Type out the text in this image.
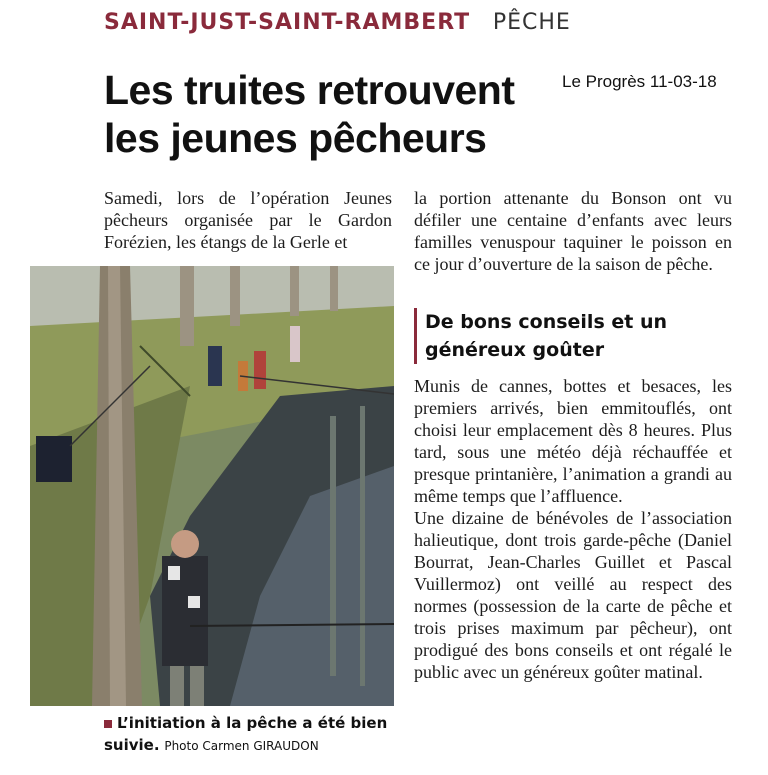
SAINT-JUST-SAINT-RAMBERT PÊCHE
Les truites retrouvent les jeunes pêcheurs
Le Progrès 11-03-18

Samedi, lors de l’opération Jeunes pêcheurs organisée par le Gardon Forézien, les étangs de la Gerle et

la portion attenante du Bonson ont vu défiler une centaine d’enfants avec leurs familles venuspour taquiner le poisson en ce jour d’ouverture de la saison de pêche.

De bons conseils et un généreux goûter

Munis de cannes, bottes et besaces, les premiers arrivés, bien emmitouflés, ont choisi leur emplacement dès 8 heures. Plus tard, sous une météo déjà réchauffée et presque printanière, l’animation a grandi au même temps que l’affluence.

Une dizaine de bénévoles de l’association halieutique, dont trois garde-pêche (Daniel Bourrat, Jean-Charles Guillet et Pascal Vuillermoz) ont veillé au respect des normes (possession de la carte de pêche et trois prises maximum par pêcheur), ont prodigué des bons conseils et ont régalé le public avec un généreux goûter matinal.

L’initiation à la pêche a été bien suivie. Photo Carmen GIRAUDON
